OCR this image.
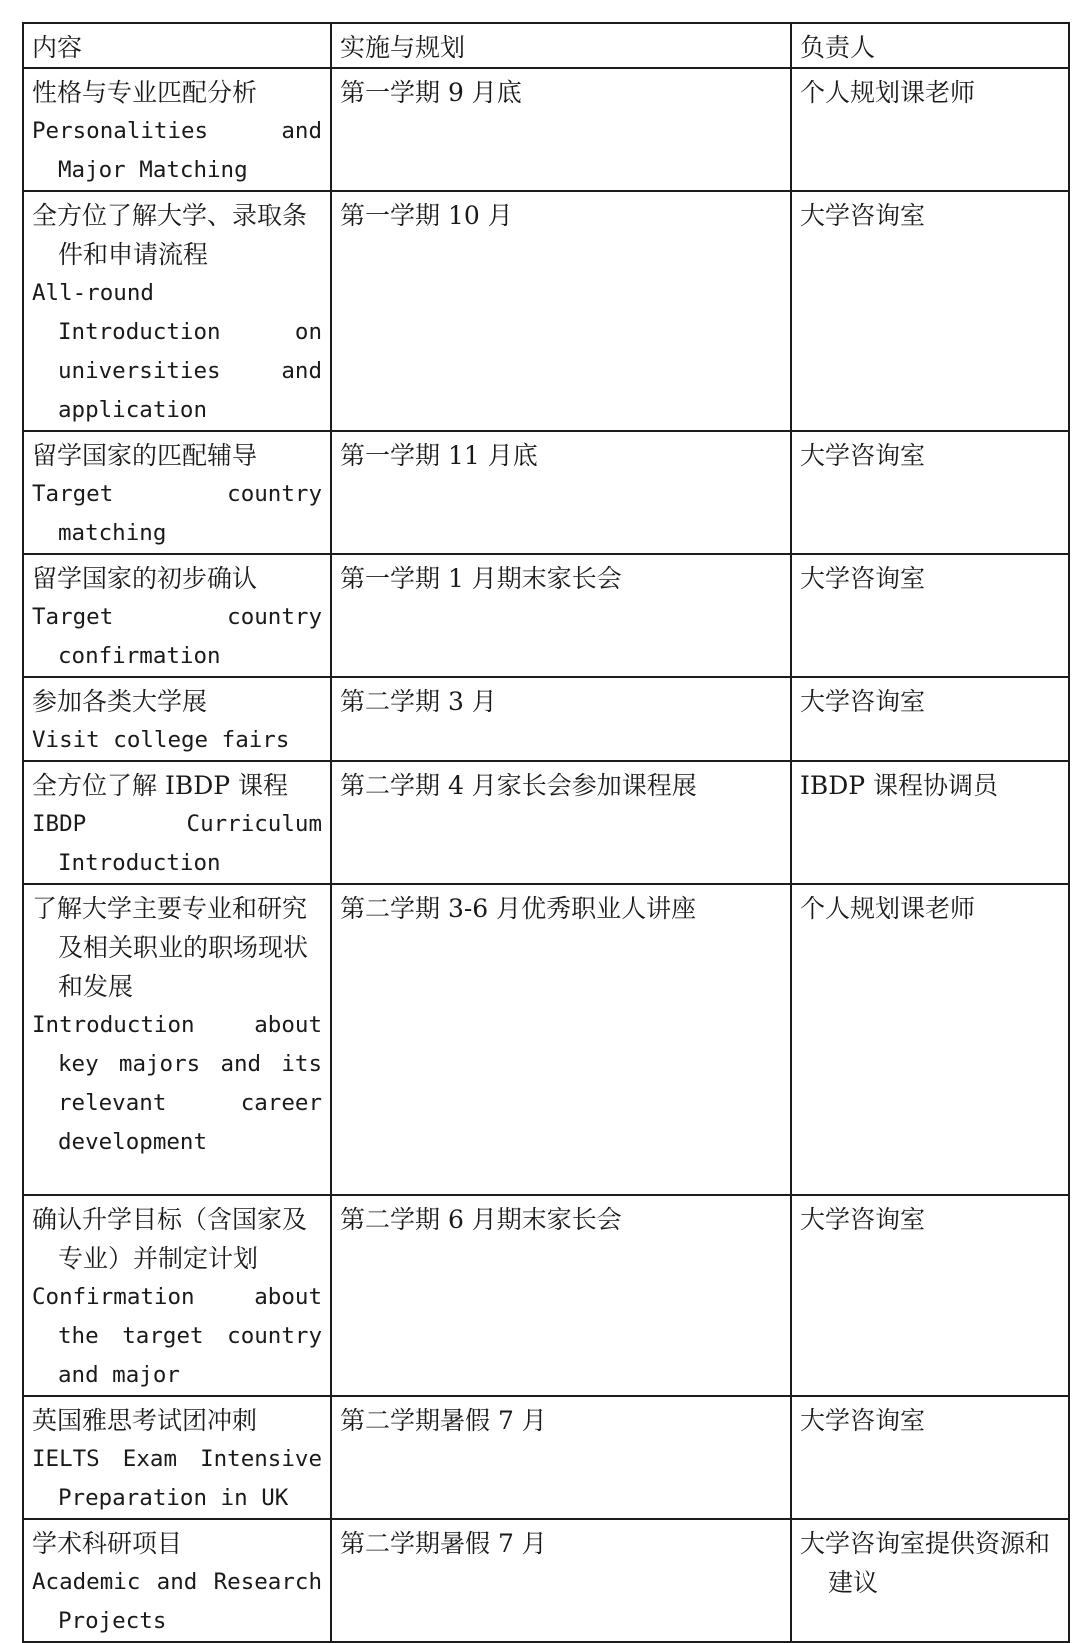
内容	实施与规划	负责人

性格与专业匹配分析
Personalities and Major Matching	第一学期 9 月底	个人规划课老师

全方位了解大学、录取条件和申请流程
All-round Introduction on universities and application	第一学期 10 月	大学咨询室

留学国家的匹配辅导
Target country matching	第一学期 11 月底	大学咨询室

留学国家的初步确认
Target country confirmation	第一学期 1 月期末家长会	大学咨询室

参加各类大学展
Visit college fairs	第二学期 3 月	大学咨询室

全方位了解 IBDP 课程
IBDP Curriculum Introduction	第二学期 4 月家长会参加课程展	IBDP 课程协调员

了解大学主要专业和研究及相关职业的职场现状和发展
Introduction about key majors and its relevant career development	第二学期 3-6 月优秀职业人讲座	个人规划课老师

确认升学目标（含国家及专业）并制定计划
Confirmation about the target country and major	第二学期 6 月期末家长会	大学咨询室

英国雅思考试团冲刺
IELTS Exam Intensive Preparation in UK	第二学期暑假 7 月	大学咨询室

学术科研项目
Academic and Research Projects	第二学期暑假 7 月	大学咨询室提供资源和建议
